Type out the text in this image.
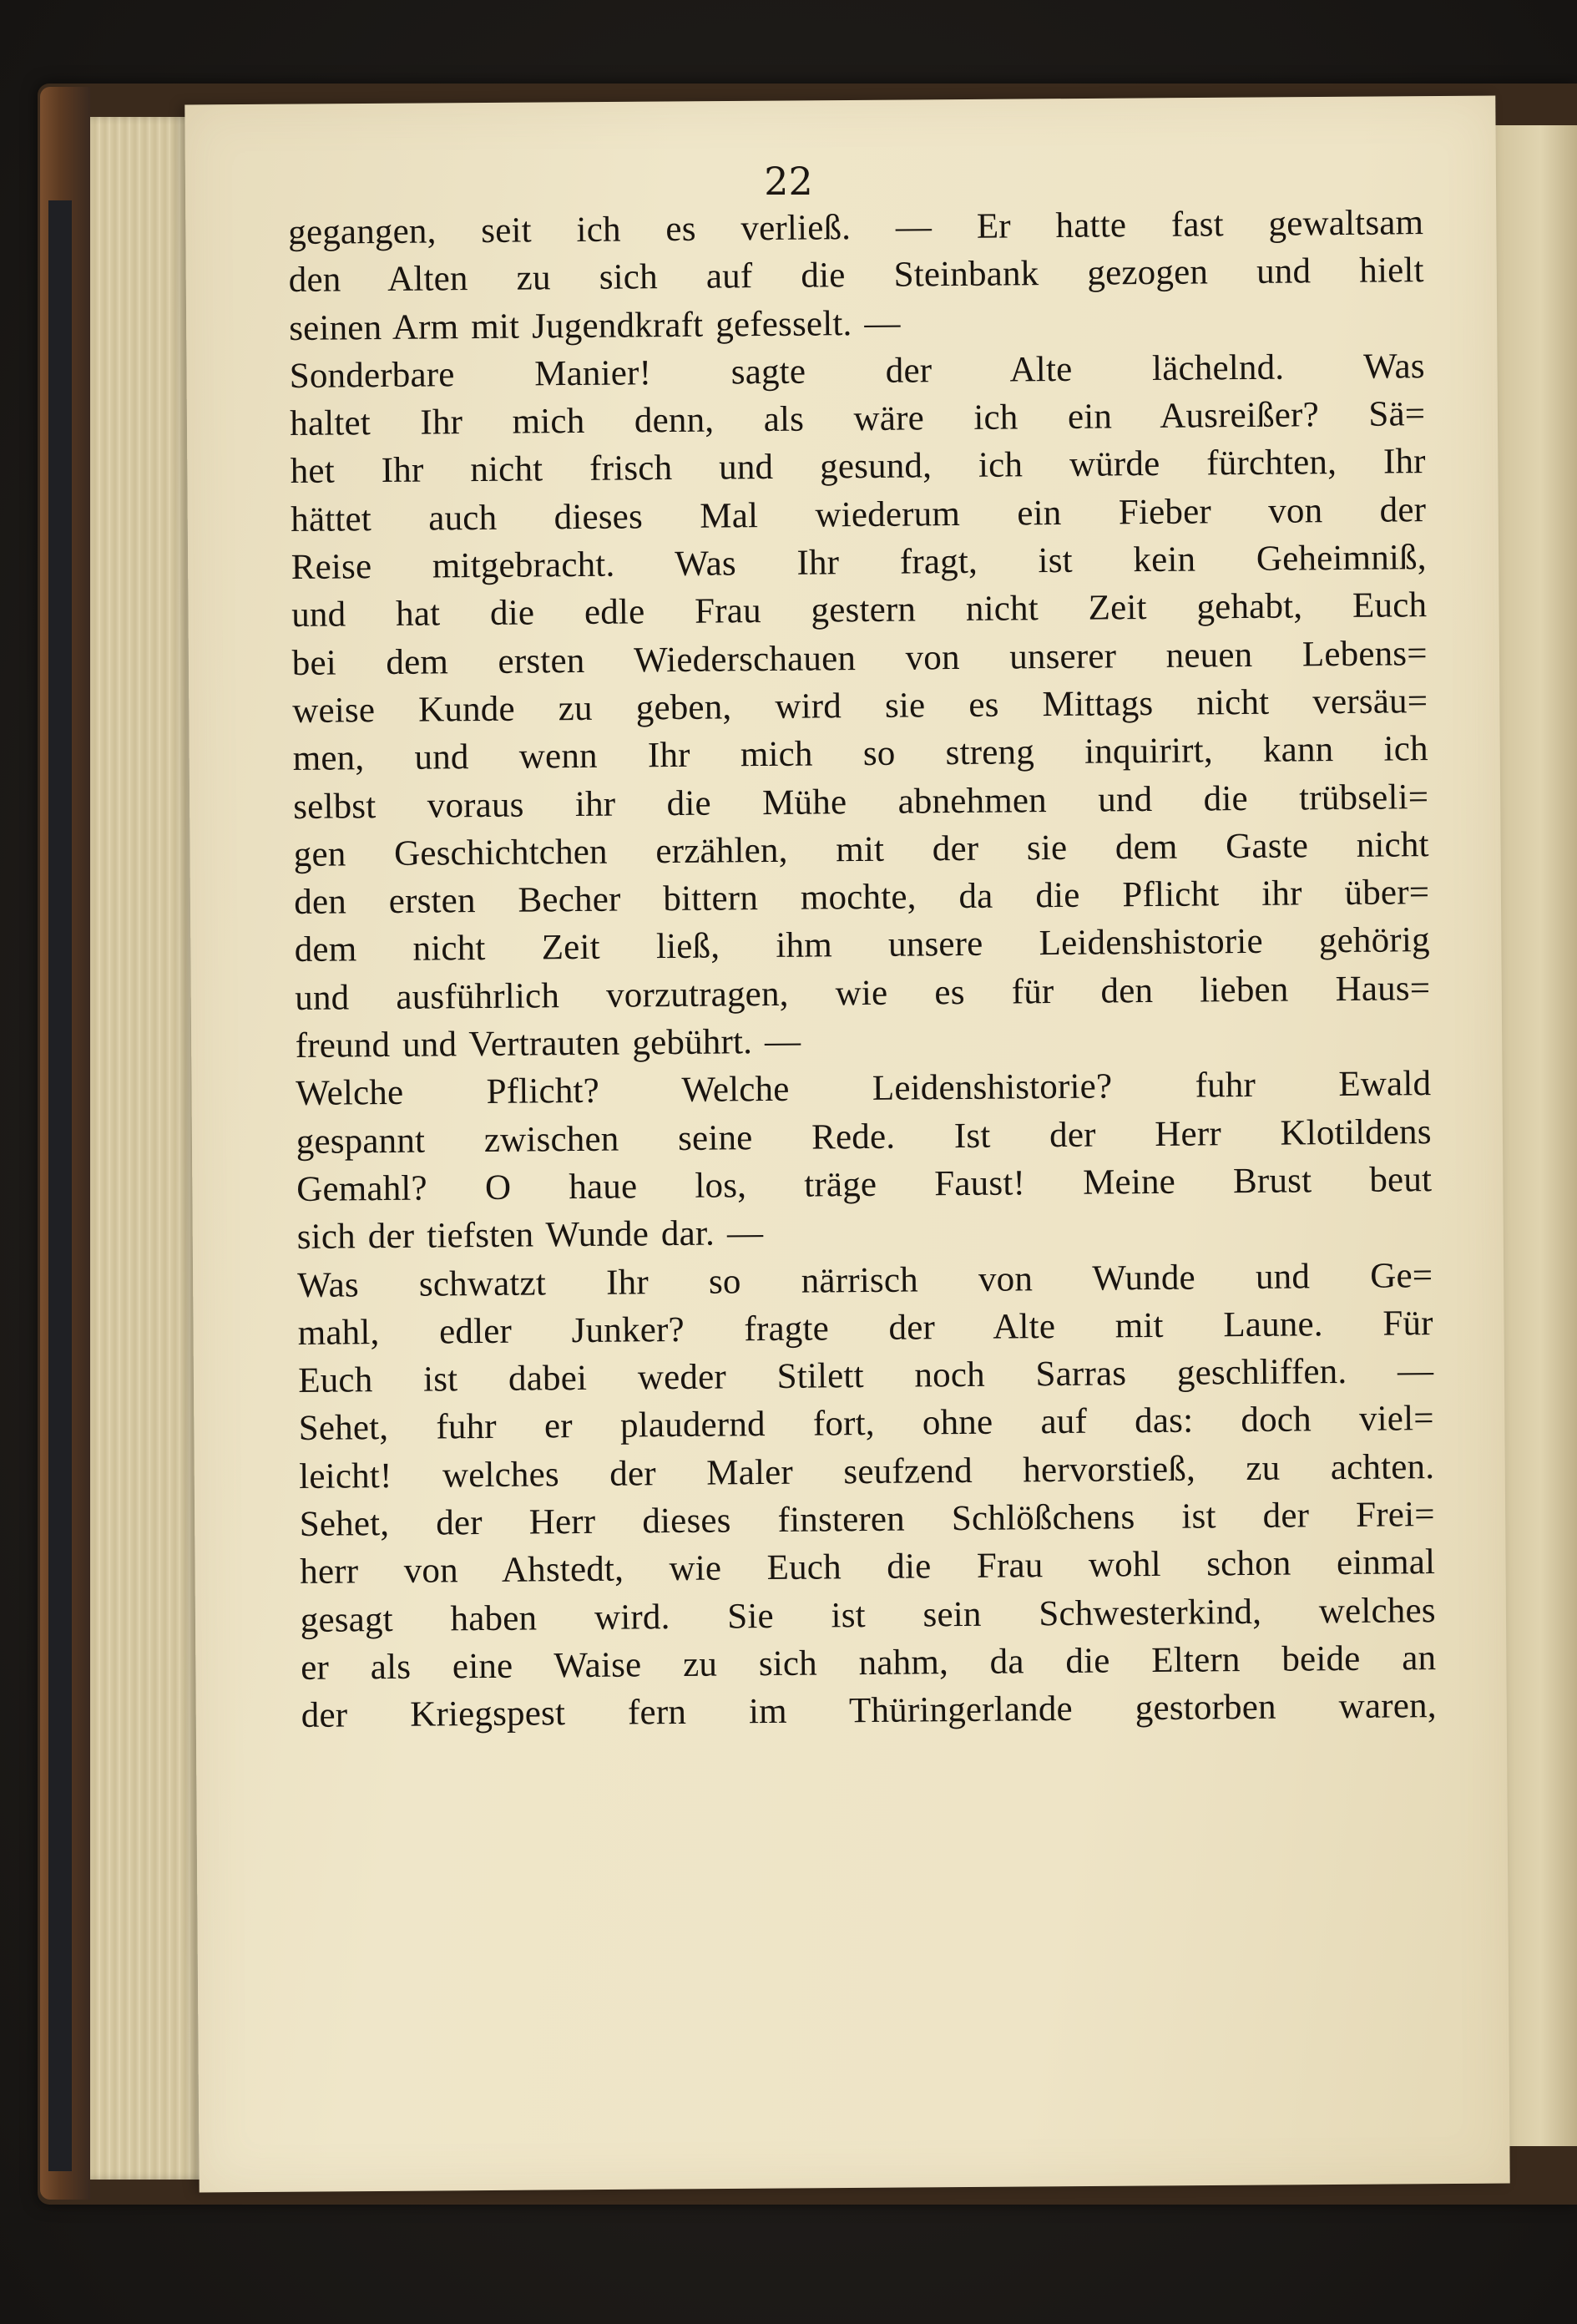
22
gegangen, seit ich es verließ. — Er hatte fast gewaltsam
den Alten zu sich auf die Steinbank gezogen und hielt
seinen Arm mit Jugendkraft gefesselt. —
Sonderbare Manier! sagte der Alte lächelnd. Was
haltet Ihr mich denn, als wäre ich ein Ausreißer? Sä=
het Ihr nicht frisch und gesund, ich würde fürchten, Ihr
hättet auch dieses Mal wiederum ein Fieber von der
Reise mitgebracht. Was Ihr fragt, ist kein Geheimniß,
und hat die edle Frau gestern nicht Zeit gehabt, Euch
bei dem ersten Wiederschauen von unserer neuen Lebens=
weise Kunde zu geben, wird sie es Mittags nicht versäu=
men, und wenn Ihr mich so streng inquirirt, kann ich
selbst voraus ihr die Mühe abnehmen und die trübseli=
gen Geschichtchen erzählen, mit der sie dem Gaste nicht
den ersten Becher bittern mochte, da die Pflicht ihr über=
dem nicht Zeit ließ, ihm unsere Leidenshistorie gehörig
und ausführlich vorzutragen, wie es für den lieben Haus=
freund und Vertrauten gebührt. —
Welche Pflicht? Welche Leidenshistorie? fuhr Ewald
gespannt zwischen seine Rede. Ist der Herr Klotildens
Gemahl? O haue los, träge Faust! Meine Brust beut
sich der tiefsten Wunde dar. —
Was schwatzt Ihr so närrisch von Wunde und Ge=
mahl, edler Junker? fragte der Alte mit Laune. Für
Euch ist dabei weder Stilett noch Sarras geschliffen. —
Sehet, fuhr er plaudernd fort, ohne auf das: doch viel=
leicht! welches der Maler seufzend hervorstieß, zu achten.
Sehet, der Herr dieses finsteren Schlößchens ist der Frei=
herr von Ahstedt, wie Euch die Frau wohl schon einmal
gesagt haben wird. Sie ist sein Schwesterkind, welches
er als eine Waise zu sich nahm, da die Eltern beide an
der Kriegspest fern im Thüringerlande gestorben waren,
